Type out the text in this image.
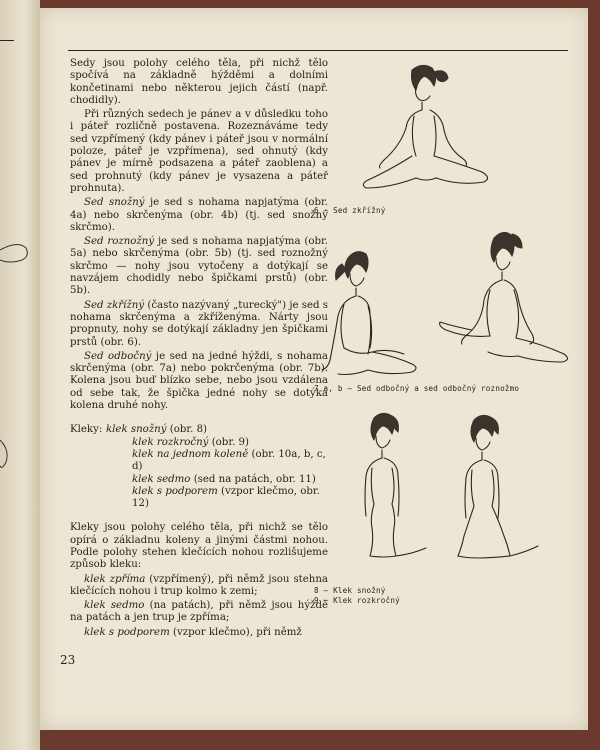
Sedy jsou polohy celého těla, při nichž tělo spočívá na základně hýžděmi a dolními končetinami nebo některou jejich částí (např. chodidly).

Při různých sedech je pánev a v důsledku toho i páteř rozličně postavena. Rozeznáváme tedy sed vzpřímený (kdy pánev i páteř jsou v normální poloze, páteř je vzpřímena), sed ohnutý (kdy pánev je mírně podsazena a páteř zaoblena) a sed prohnutý (kdy pánev je vysazena a páteř prohnuta).

Sed snožný je sed s nohama napjatýma (obr. 4a) nebo skrčenýma (obr. 4b) (tj. sed snožný skrčmo).

Sed roznožný je sed s nohama napjatýma (obr. 5a) nebo skrčenýma (obr. 5b) (tj. sed roznožný skrčmo — nohy jsou vytočeny a dotýkají se navzájem chodidly nebo špičkami prstů) (obr. 5b).

Sed zkřížný (často nazývaný „turecký") je sed s nohama skrčenýma a zkříženýma. Nárty jsou propnuty, nohy se dotýkají základny jen špičkami prstů (obr. 6).

Sed odbočný je sed na jedné hýždi, s nohama skrčenýma (obr. 7a) nebo pokrčenýma (obr. 7b). Kolena jsou buď blízko sebe, nebo jsou vzdálena od sebe tak, že špička jedné nohy se dotýká kolena druhé nohy.

Kleky: klek snožný (obr. 8)
klek rozkročný (obr. 9)
klek na jednom koleně (obr. 10a, b, c, d)
klek sedmo (sed na patách, obr. 11)
klek s podporem (vzpor klečmo, obr. 12)

Kleky jsou polohy celého těla, při nichž se tělo opírá o základnu koleny a jinými částmi nohou. Podle polohy stehen klečících nohou rozlišujeme způsob kleku:

klek zpříma (vzpřímený), při němž jsou stehna klečících nohou i trup kolmo k zemi;

klek sedmo (na patách), při němž jsou hýždě na patách a jen trup je zpříma;

klek s podporem (vzpor klečmo), při němž

23
6 — Sed zkřížný
7 a, b — Sed odbočný a sed odbočný roznožmo
8 — Klek snožný
9 — Klek rozkročný
